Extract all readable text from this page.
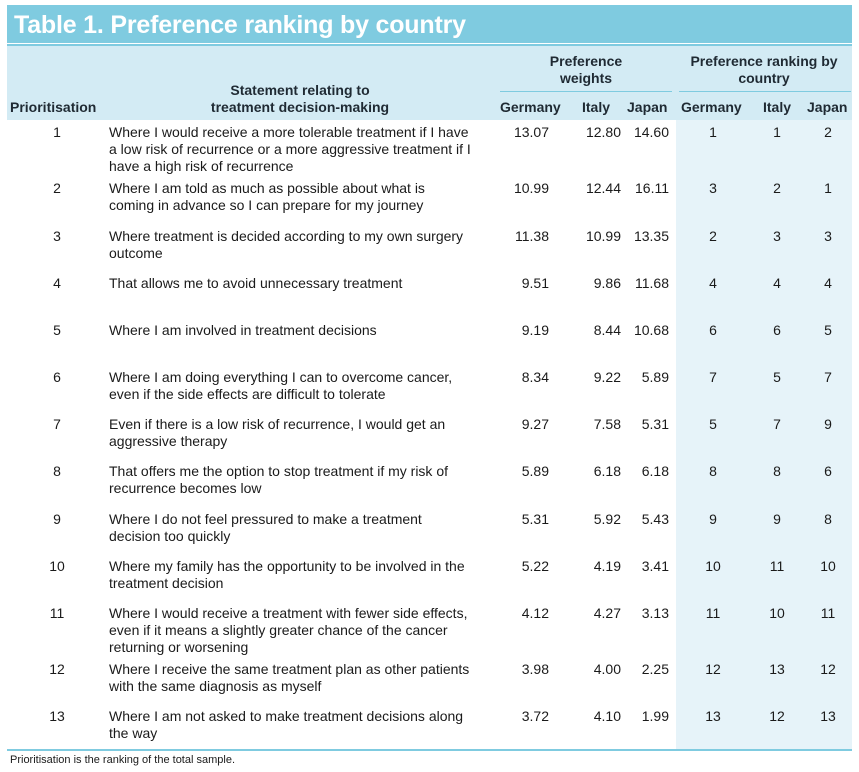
Table 1. Preference ranking by country
Prioritisation
Statement relating to
treatment decision-making
Preference
weights
Preference ranking by
country
Germany Italy Japan Germany Italy Japan
1	Where I would receive a more tolerable treatment if I have
a low risk of recurrence or a more aggressive treatment if I
have a high risk of recurrence
13.07	12.80 14.60	1	1	2
2	Where I am told as much as possible about what is
coming in advance so I can prepare for my journey
10.99	12.44	16.11	3	2	1
3	Where treatment is decided according to my own surgery
outcome
11.38	10.99 13.35	2	3	3
4	That allows me to avoid unnecessary treatment	9.51	9.86	11.68	4	4	4
5	Where I am involved in treatment decisions	9.19	8.44 10.68	6	6	5
6	Where I am doing everything I can to overcome cancer,
even if the side effects are difficult to tolerate
8.34	9.22	5.89	7	5	7
7	Even if there is a low risk of recurrence, I would get an
aggressive therapy
9.27	7.58	5.31	5	7	9
8	That offers me the option to stop treatment if my risk of
recurrence becomes low
5.89	6.18	6.18	8	8	6
9	Where I do not feel pressured to make a treatment
decision too quickly
5.31	5.92	5.43	9	9	8
10	Where my family has the opportunity to be involved in the
treatment decision
5.22	4.19	3.41	10	11	10
11	Where I would receive a treatment with fewer side effects,
even if it means a slightly greater chance of the cancer
returning or worsening
4.12	4.27	3.13	11	10	11
12	Where I receive the same treatment plan as other patients
with the same diagnosis as myself
3.98	4.00	2.25	12	13	12
13	Where I am not asked to make treatment decisions along
the way
3.72	4.10	1.99	13	12	13
Prioritisation is the ranking of the total sample.
